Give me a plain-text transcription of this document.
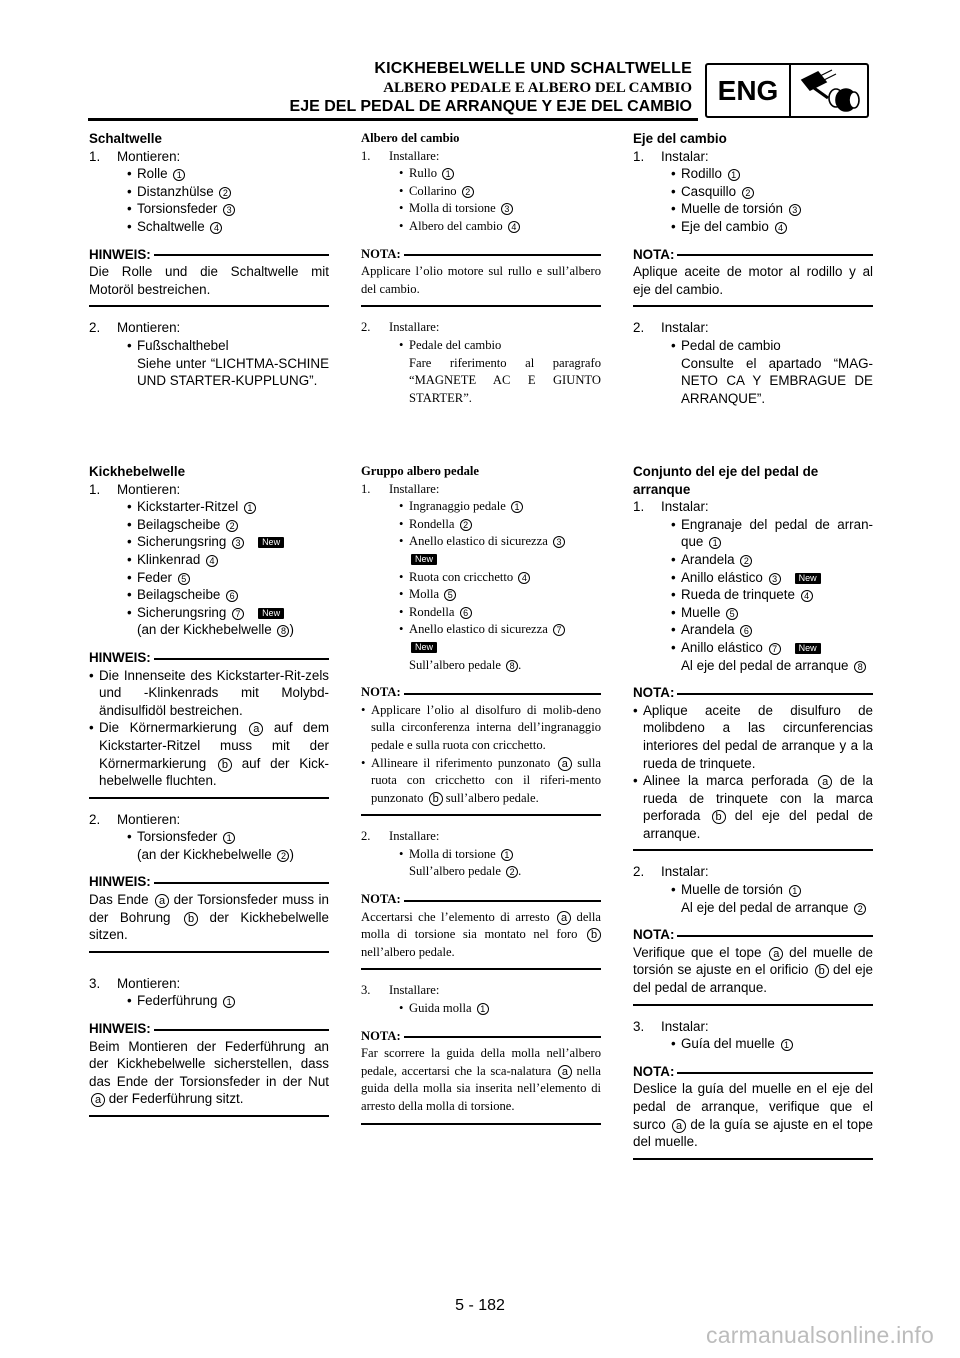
KICKHEBELWELLE UND SCHALTWELLE
ALBERO PEDALE E ALBERO DEL CAMBIO
EJE DEL PEDAL DE ARRANQUE Y EJE DEL CAMBIO
ENG
Schaltwelle
1. Montieren:
• Rolle 1
• Distanzhülse 2
• Torsionsfeder 3
• Schaltwelle 4
HINWEIS:
Die Rolle und die Schaltwelle mit Motoröl bestreichen.
2. Montieren:
• Fußschalthebel
Siehe unter “LICHTMA-SCHINE UND STARTER-KUPPLUNG”.
Kickhebelwelle
1. Montieren:
• Kickstarter-Ritzel 1
• Beilagscheibe 2
• Sicherungsring 3 New
• Klinkenrad 4
• Feder 5
• Beilagscheibe 6
• Sicherungsring 7 New
(an der Kickhebelwelle 8 )
HINWEIS:
• Die Innenseite des Kickstarter-Rit-zels und -Klinkenrads mit Molybd-ändisulfidöl bestreichen.
• Die Körnermarkierung a auf dem Kickstarter-Ritzel muss mit der Körnermarkierung b auf der Kick-hebelwelle fluchten.
2. Montieren:
• Torsionsfeder 1
(an der Kickhebelwelle 2 )
HINWEIS:
Das Ende a der Torsionsfeder muss in der Bohrung b der Kickhebelwelle sitzen.
3. Montieren:
• Federführung 1
HINWEIS:
Beim Montieren der Federführung an der Kickhebelwelle sicherstellen, dass das Ende der Torsionsfeder in der Nut a der Federführung sitzt.
Albero del cambio
1. Installare:
• Rullo 1
• Collarino 2
• Molla di torsione 3
• Albero del cambio 4
NOTA:
Applicare l’olio motore sul rullo e sull’albero del cambio.
2. Installare:
• Pedale del cambio
Fare riferimento al paragrafo “MAGNETE AC E GIUNTO STARTER”.
Gruppo albero pedale
1. Installare:
• Ingranaggio pedale 1
• Rondella 2
• Anello elastico di sicurezza 3
New
• Ruota con cricchetto 4
• Molla 5
• Rondella 6
• Anello elastico di sicurezza 7
New
Sull’albero pedale 8 .
NOTA:
• Applicare l’olio al disolfuro di molib-deno sulla circonferenza interna dell’ingranaggio pedale e sulla ruota con cricchetto.
• Allineare il riferimento punzonato a sulla ruota con cricchetto con il riferi-mento punzonato b sull’albero pedale.
2. Installare:
• Molla di torsione 1
Sull’albero pedale 2 .
NOTA:
Accertarsi che l’elemento di arresto a della molla di torsione sia montato nel foro b nell’albero pedale.
3. Installare:
• Guida molla 1
NOTA:
Far scorrere la guida della molla nell’albero pedale, accertarsi che la sca-nalatura a nella guida della molla sia inserita nell’elemento di arresto della molla di torsione.
Eje del cambio
1. Instalar:
• Rodillo 1
• Casquillo 2
• Muelle de torsión 3
• Eje del cambio 4
NOTA:
Aplique aceite de motor al rodillo y al eje del cambio.
2. Instalar:
• Pedal de cambio
Consulte el apartado “MAG-NETO CA Y EMBRAGUE DE ARRANQUE”.
Conjunto del eje del pedal de arranque
1. Instalar:
• Engranaje del pedal de arran-que 1
• Arandela 2
• Anillo elástico 3 New
• Rueda de trinquete 4
• Muelle 5
• Arandela 6
• Anillo elástico 7 New
Al eje del pedal de arranque 8
NOTA:
• Aplique aceite de disulfuro de molibdeno a las circunferencias interiores del pedal de arranque y a la rueda de trinquete.
• Alinee la marca perforada a de la rueda de trinquete con la marca perforada b del eje del pedal de arranque.
2. Instalar:
• Muelle de torsión 1
Al eje del pedal de arranque 2
NOTA:
Verifique que el tope a del muelle de torsión se ajuste en el orificio b del eje del pedal de arranque.
3. Instalar:
• Guía del muelle 1
NOTA:
Deslice la guía del muelle en el eje del pedal de arranque, verifique que el surco a de la guía se ajuste en el tope del muelle.
5 - 182
carmanualsonline.info
